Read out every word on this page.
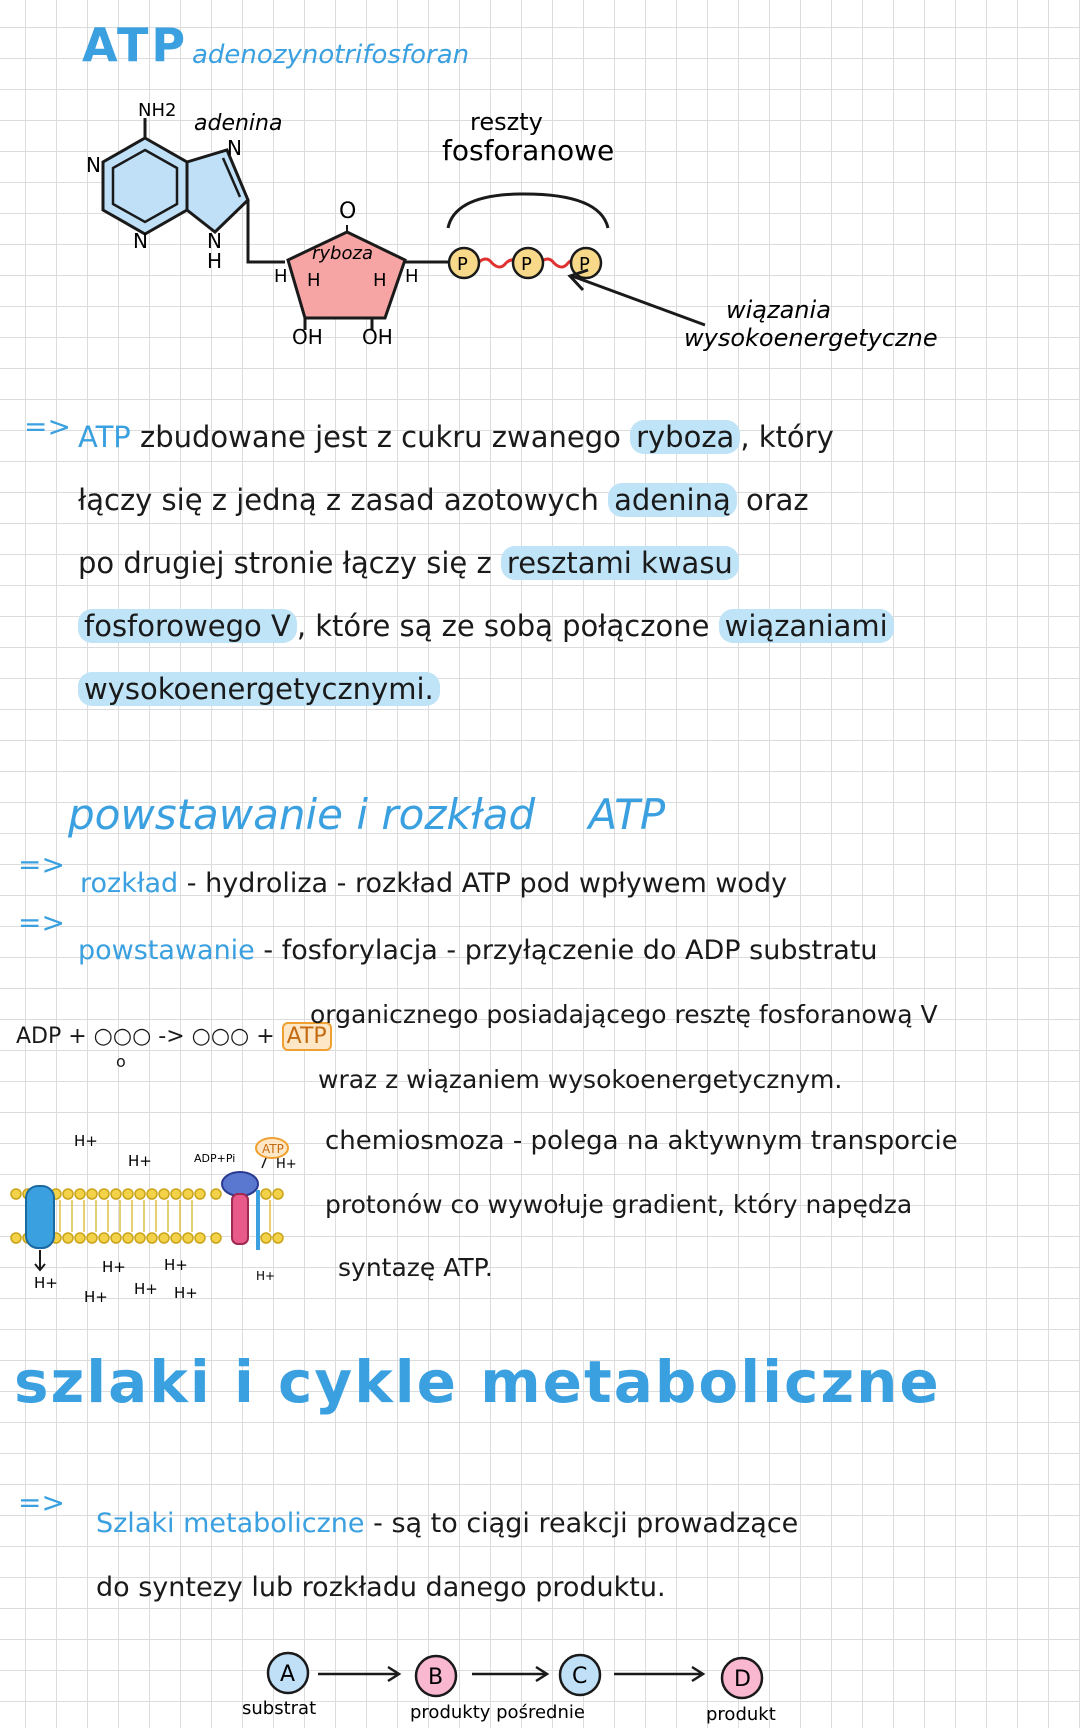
ATP adenozynotrifosforan
NH2
adenina
N
N
N	N
H
O
ryboza
H H	H H
OH OH
P	P	P
reszty
fosforanowe
wiązania
wysokoenergetyczne
=> ATP zbudowane jest z cukru zwanego ryboza , który
łączy się z jedną z zasad azotowych adeniną oraz
po drugiej stronie łączy się z resztami kwasu
fosforowego V , które są ze sobą połączone wiązaniami
wysokoenergetycznymi.
powstawanie i rozkład ATP
=>
rozkład - hydroliza - rozkład ATP pod wpływem wody
=>
powstawanie - fosforylacja - przyłączenie do ADP substratu
ADP + ○○○ -> ○○○ + ATP
o
organicznego posiadającego resztę fosforanową V
wraz z wiązaniem wysokoenergetycznym.
H+
H+	ADP+Pi
ATP
H+
H+
H+	H+
H+ H+ H+
H+
chemiosmoza - polega na aktywnym transporcie
protonów co wywołuje gradient, który napędza
syntazę ATP.
szlaki i cykle metaboliczne
=>
Szlaki metaboliczne - są to ciągi reakcji prowadzące
do syntezy lub rozkładu danego produktu.
A	B	C	D
substrat	produkty pośrednie	produkt
